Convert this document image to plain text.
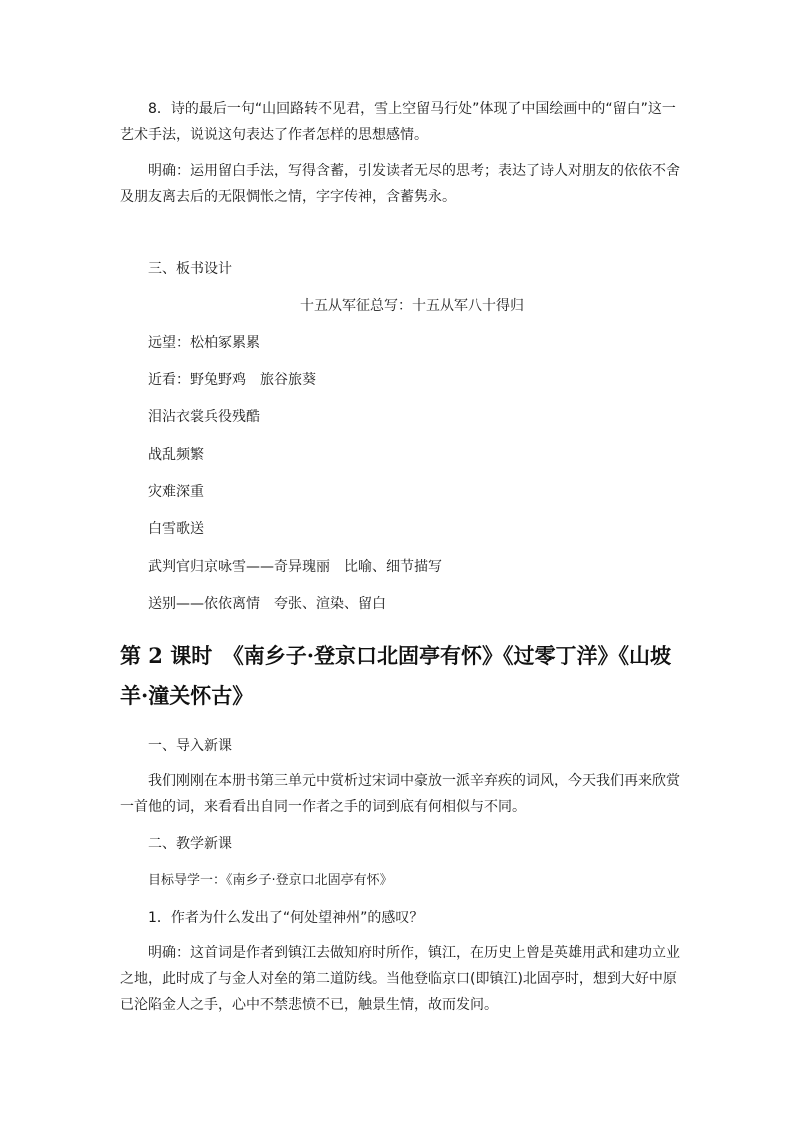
8．诗的最后一句“山回路转不见君，雪上空留马行处”体现了中国绘画中的“留白”这一艺术手法，说说这句表达了作者怎样的思想感情。
明确：运用留白手法，写得含蓄，引发读者无尽的思考；表达了诗人对朋友的依依不舍及朋友离去后的无限惆怅之情，字字传神，含蓄隽永。
三、板书设计
十五从军征总写：十五从军八十得归
远望：松柏冢累累
近看：野兔野鸡　旅谷旅葵
泪沾衣裳兵役残酷
战乱频繁
灾难深重
白雪歌送
武判官归京咏雪——奇异瑰丽　比喻、细节描写
送别——依依离情　夸张、渲染、留白
第 2 课时　《南乡子·登京口北固亭有怀》《过零丁洋》《山坡羊·潼关怀古》
一、导入新课
我们刚刚在本册书第三单元中赏析过宋词中豪放一派辛弃疾的词风，今天我们再来欣赏一首他的词，来看看出自同一作者之手的词到底有何相似与不同。
二、教学新课
目标导学一：《南乡子·登京口北固亭有怀》
1．作者为什么发出了“何处望神州”的感叹？
明确：这首词是作者到镇江去做知府时所作，镇江，在历史上曾是英雄用武和建功立业之地，此时成了与金人对垒的第二道防线。当他登临京口(即镇江)北固亭时，想到大好中原已沦陷金人之手，心中不禁悲愤不已，触景生情，故而发问。
